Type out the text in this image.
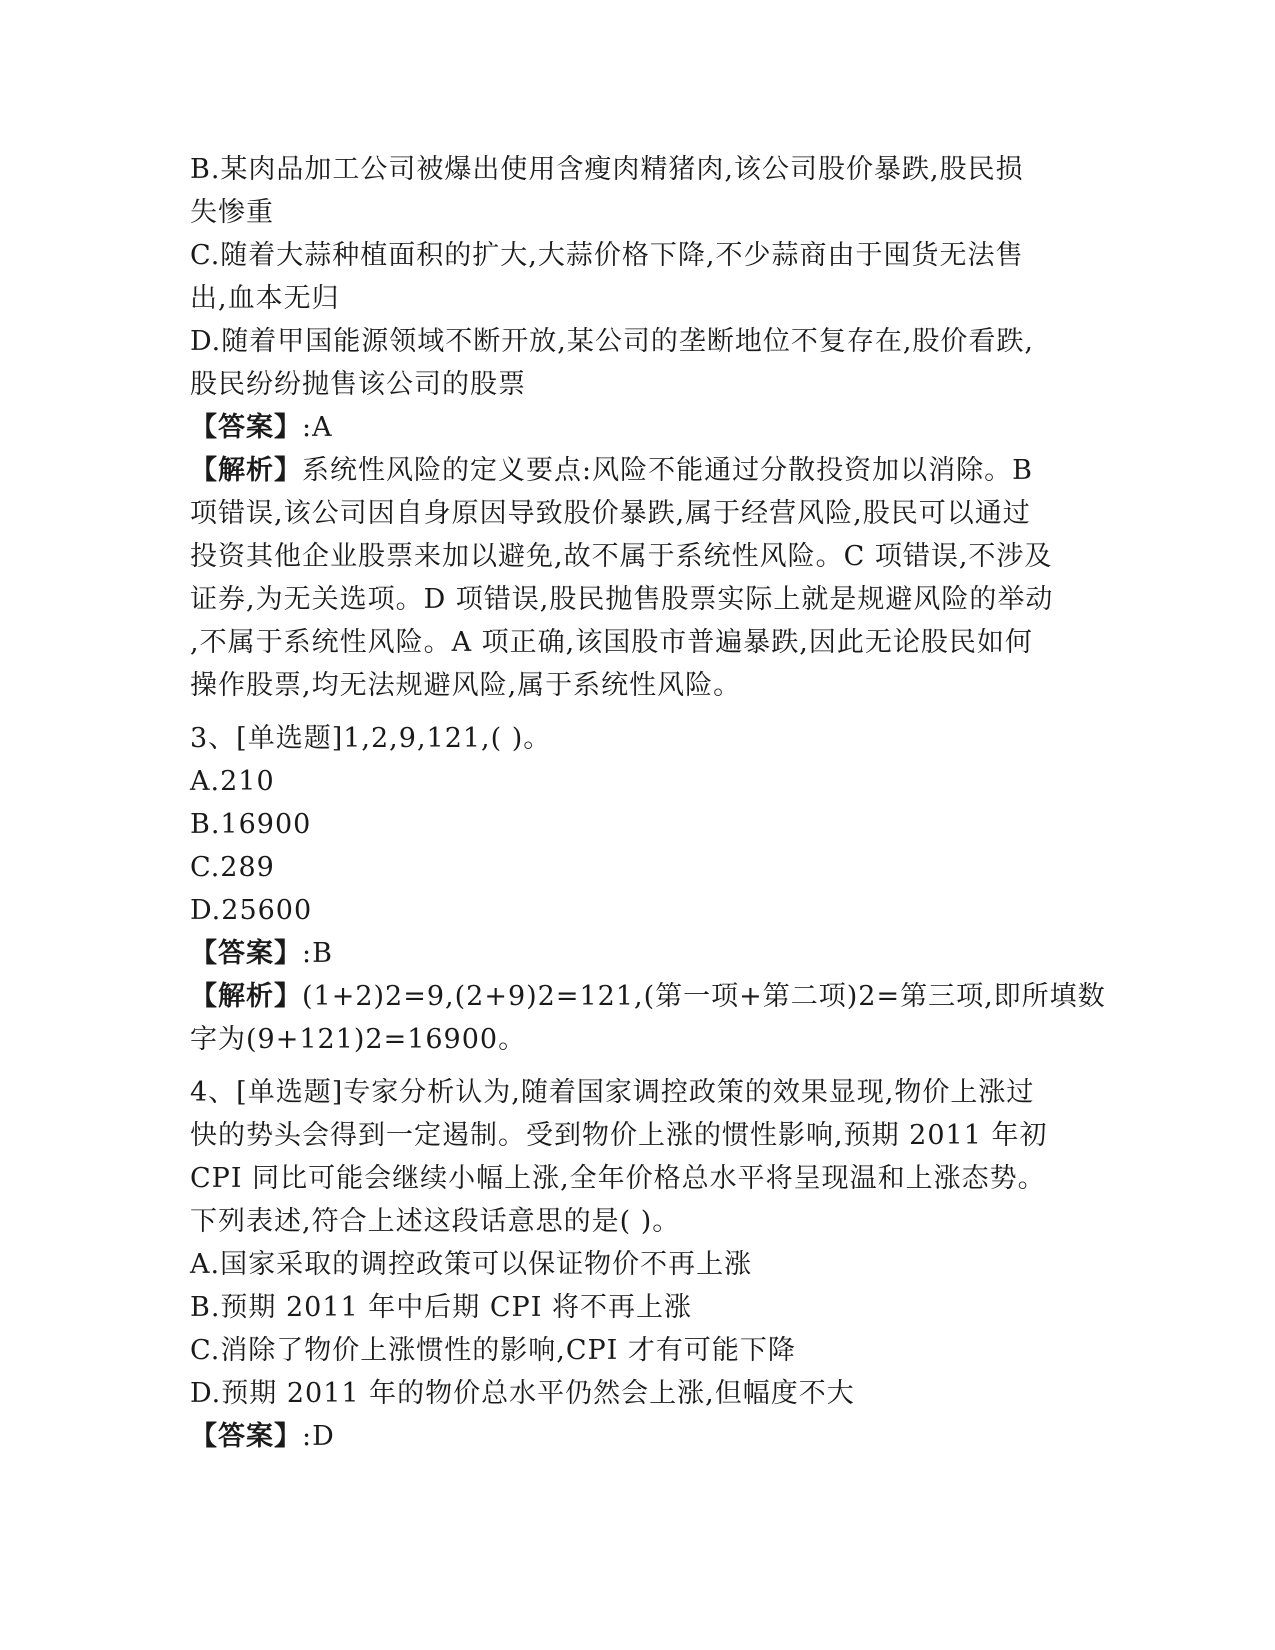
B.某肉品加工公司被爆出使用含瘦肉精猪肉,该公司股价暴跌,股民损
失惨重
C.随着大蒜种植面积的扩大,大蒜价格下降,不少蒜商由于囤货无法售
出,血本无归
D.随着甲国能源领域不断开放,某公司的垄断地位不复存在,股价看跌,
股民纷纷抛售该公司的股票
【答案】:A
【解析】系统性风险的定义要点:风险不能通过分散投资加以消除。B
项错误,该公司因自身原因导致股价暴跌,属于经营风险,股民可以通过
投资其他企业股票来加以避免,故不属于系统性风险。C 项错误,不涉及
证券,为无关选项。D 项错误,股民抛售股票实际上就是规避风险的举动
,不属于系统性风险。A 项正确,该国股市普遍暴跌,因此无论股民如何
操作股票,均无法规避风险,属于系统性风险。
3、[单选题]1,2,9,121,( )。
A.210
B.16900
C.289
D.25600
【答案】:B
【解析】(1+2)2=9,(2+9)2=121,(第一项+第二项)2=第三项,即所填数
字为(9+121)2=16900。
4、[单选题]专家分析认为,随着国家调控政策的效果显现,物价上涨过
快的势头会得到一定遏制。受到物价上涨的惯性影响,预期 2011 年初
CPI 同比可能会继续小幅上涨,全年价格总水平将呈现温和上涨态势。
下列表述,符合上述这段话意思的是( )。
A.国家采取的调控政策可以保证物价不再上涨
B.预期 2011 年中后期 CPI 将不再上涨
C.消除了物价上涨惯性的影响,CPI 才有可能下降
D.预期 2011 年的物价总水平仍然会上涨,但幅度不大
【答案】:D
